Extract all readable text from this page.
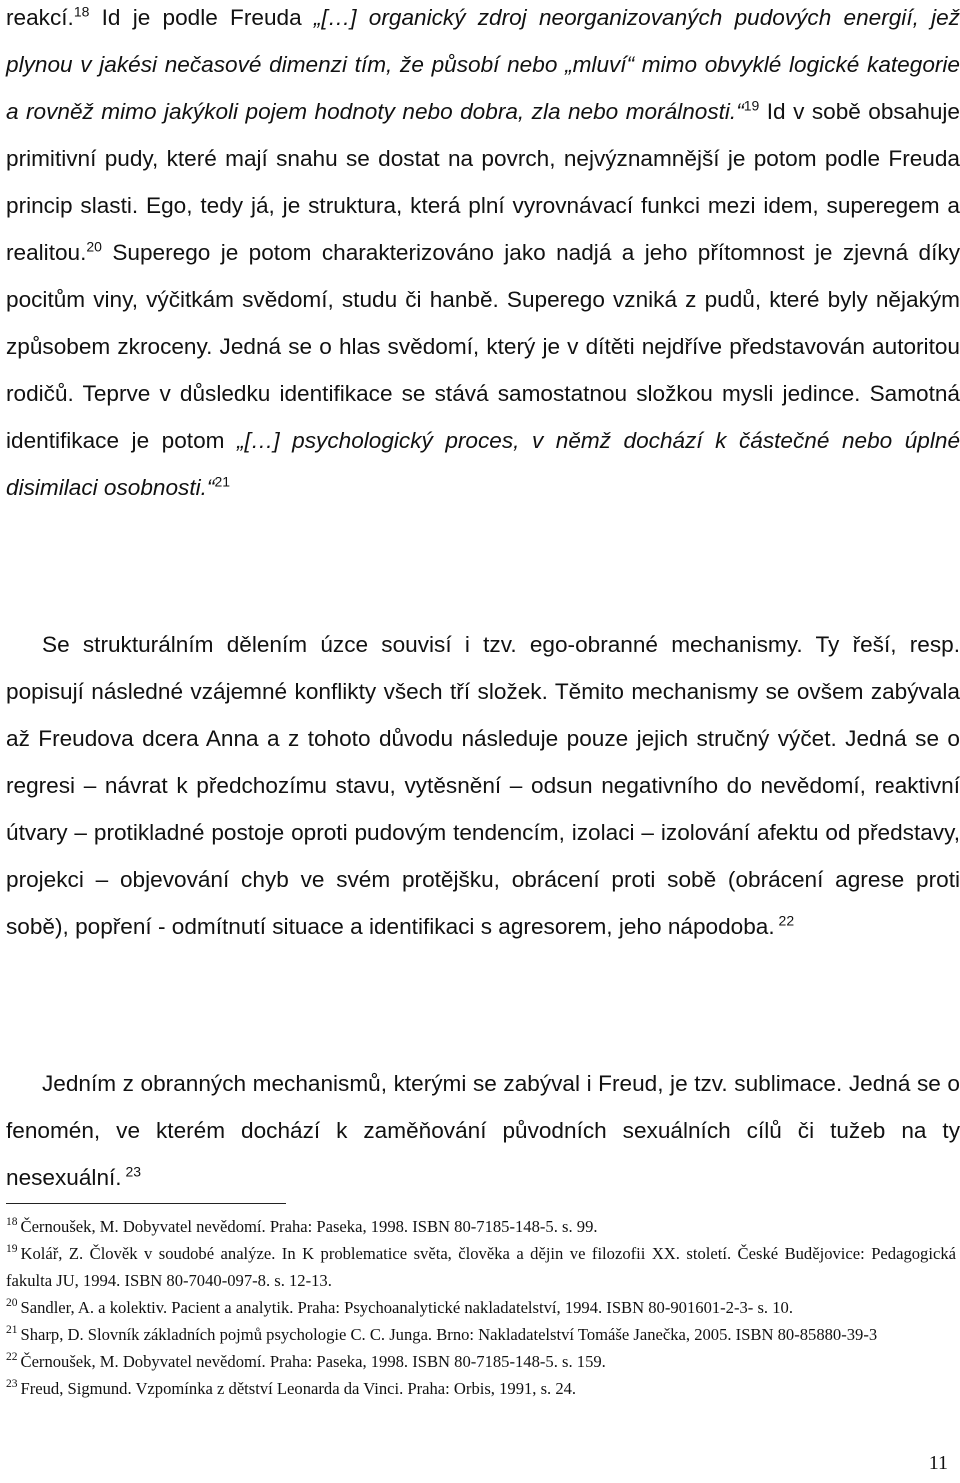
reakcí.$^{18}$ Id je podle Freuda „[…] organický zdroj neorganizovaných pudových energií, jež plynou v jakési nečasové dimenzi tím, že působí nebo „mluví“ mimo obvyklé logické kategorie a rovněž mimo jakýkoli pojem hodnoty nebo dobra, zla nebo morálnosti.“$^{19}$ Id v sobě obsahuje primitivní pudy, které mají snahu se dostat na povrch, nejvýznamnější je potom podle Freuda princip slasti. Ego, tedy já, je struktura, která plní vyrovnávací funkci mezi idem, superegem a realitou.$^{20}$ Superego je potom charakterizováno jako nadjá a jeho přítomnost je zjevná díky pocitům viny, výčitkám svědomí, studu či hanbě. Superego vzniká z pudů, které byly nějakým způsobem zkroceny. Jedná se o hlas svědomí, který je v dítěti nejdříve představován autoritou rodičů. Teprve v důsledku identifikace se stává samostatnou složkou mysli jedince. Samotná identifikace je potom „[…] psychologický proces, v němž dochází k částečné nebo úplné disimilaci osobnosti.“$^{21}$

Se strukturálním dělením úzce souvisí i tzv. ego-obranné mechanismy. Ty řeší, resp. popisují následné vzájemné konflikty všech tří složek. Těmito mechanismy se ovšem zabývala až Freudova dcera Anna a z tohoto důvodu následuje pouze jejich stručný výčet. Jedná se o regresi – návrat k předchozímu stavu, vytěsnění – odsun negativního do nevědomí, reaktivní útvary – protikladné postoje oproti pudovým tendencím, izolaci – izolování afektu od představy, projekci – objevování chyb ve svém protějšku, obrácení proti sobě (obrácení agrese proti sobě), popření - odmítnutí situace a identifikaci s agresorem, jeho nápodoba. $^{22}$

Jedním z obranných mechanismů, kterými se zabýval i Freud, je tzv. sublimace. Jedná se o fenomén, ve kterém dochází k zaměňování původních sexuálních cílů či tužeb na ty nesexuální. $^{23}$

$^{18}$ Černoušek, M. Dobyvatel nevědomí. Praha: Paseka, 1998. ISBN 80-7185-148-5. s. 99.

$^{19}$ Kolář, Z. Člověk v soudobé analýze. In K problematice světa, člověka a dějin ve filozofii XX. století. České Budějovice: Pedagogická fakulta JU, 1994. ISBN 80-7040-097-8. s. 12-13.

$^{20}$ Sandler, A. a kolektiv. Pacient a analytik. Praha: Psychoanalytické nakladatelství, 1994. ISBN 80-901601-2-3- s. 10.

$^{21}$ Sharp, D. Slovník základních pojmů psychologie C. C. Junga. Brno: Nakladatelství Tomáše Janečka, 2005. ISBN 80-85880-39-3

$^{22}$ Černoušek, M. Dobyvatel nevědomí. Praha: Paseka, 1998. ISBN 80-7185-148-5. s. 159.

$^{23}$ Freud, Sigmund. Vzpomínka z dětství Leonarda da Vinci. Praha: Orbis, 1991, s. 24.

11
